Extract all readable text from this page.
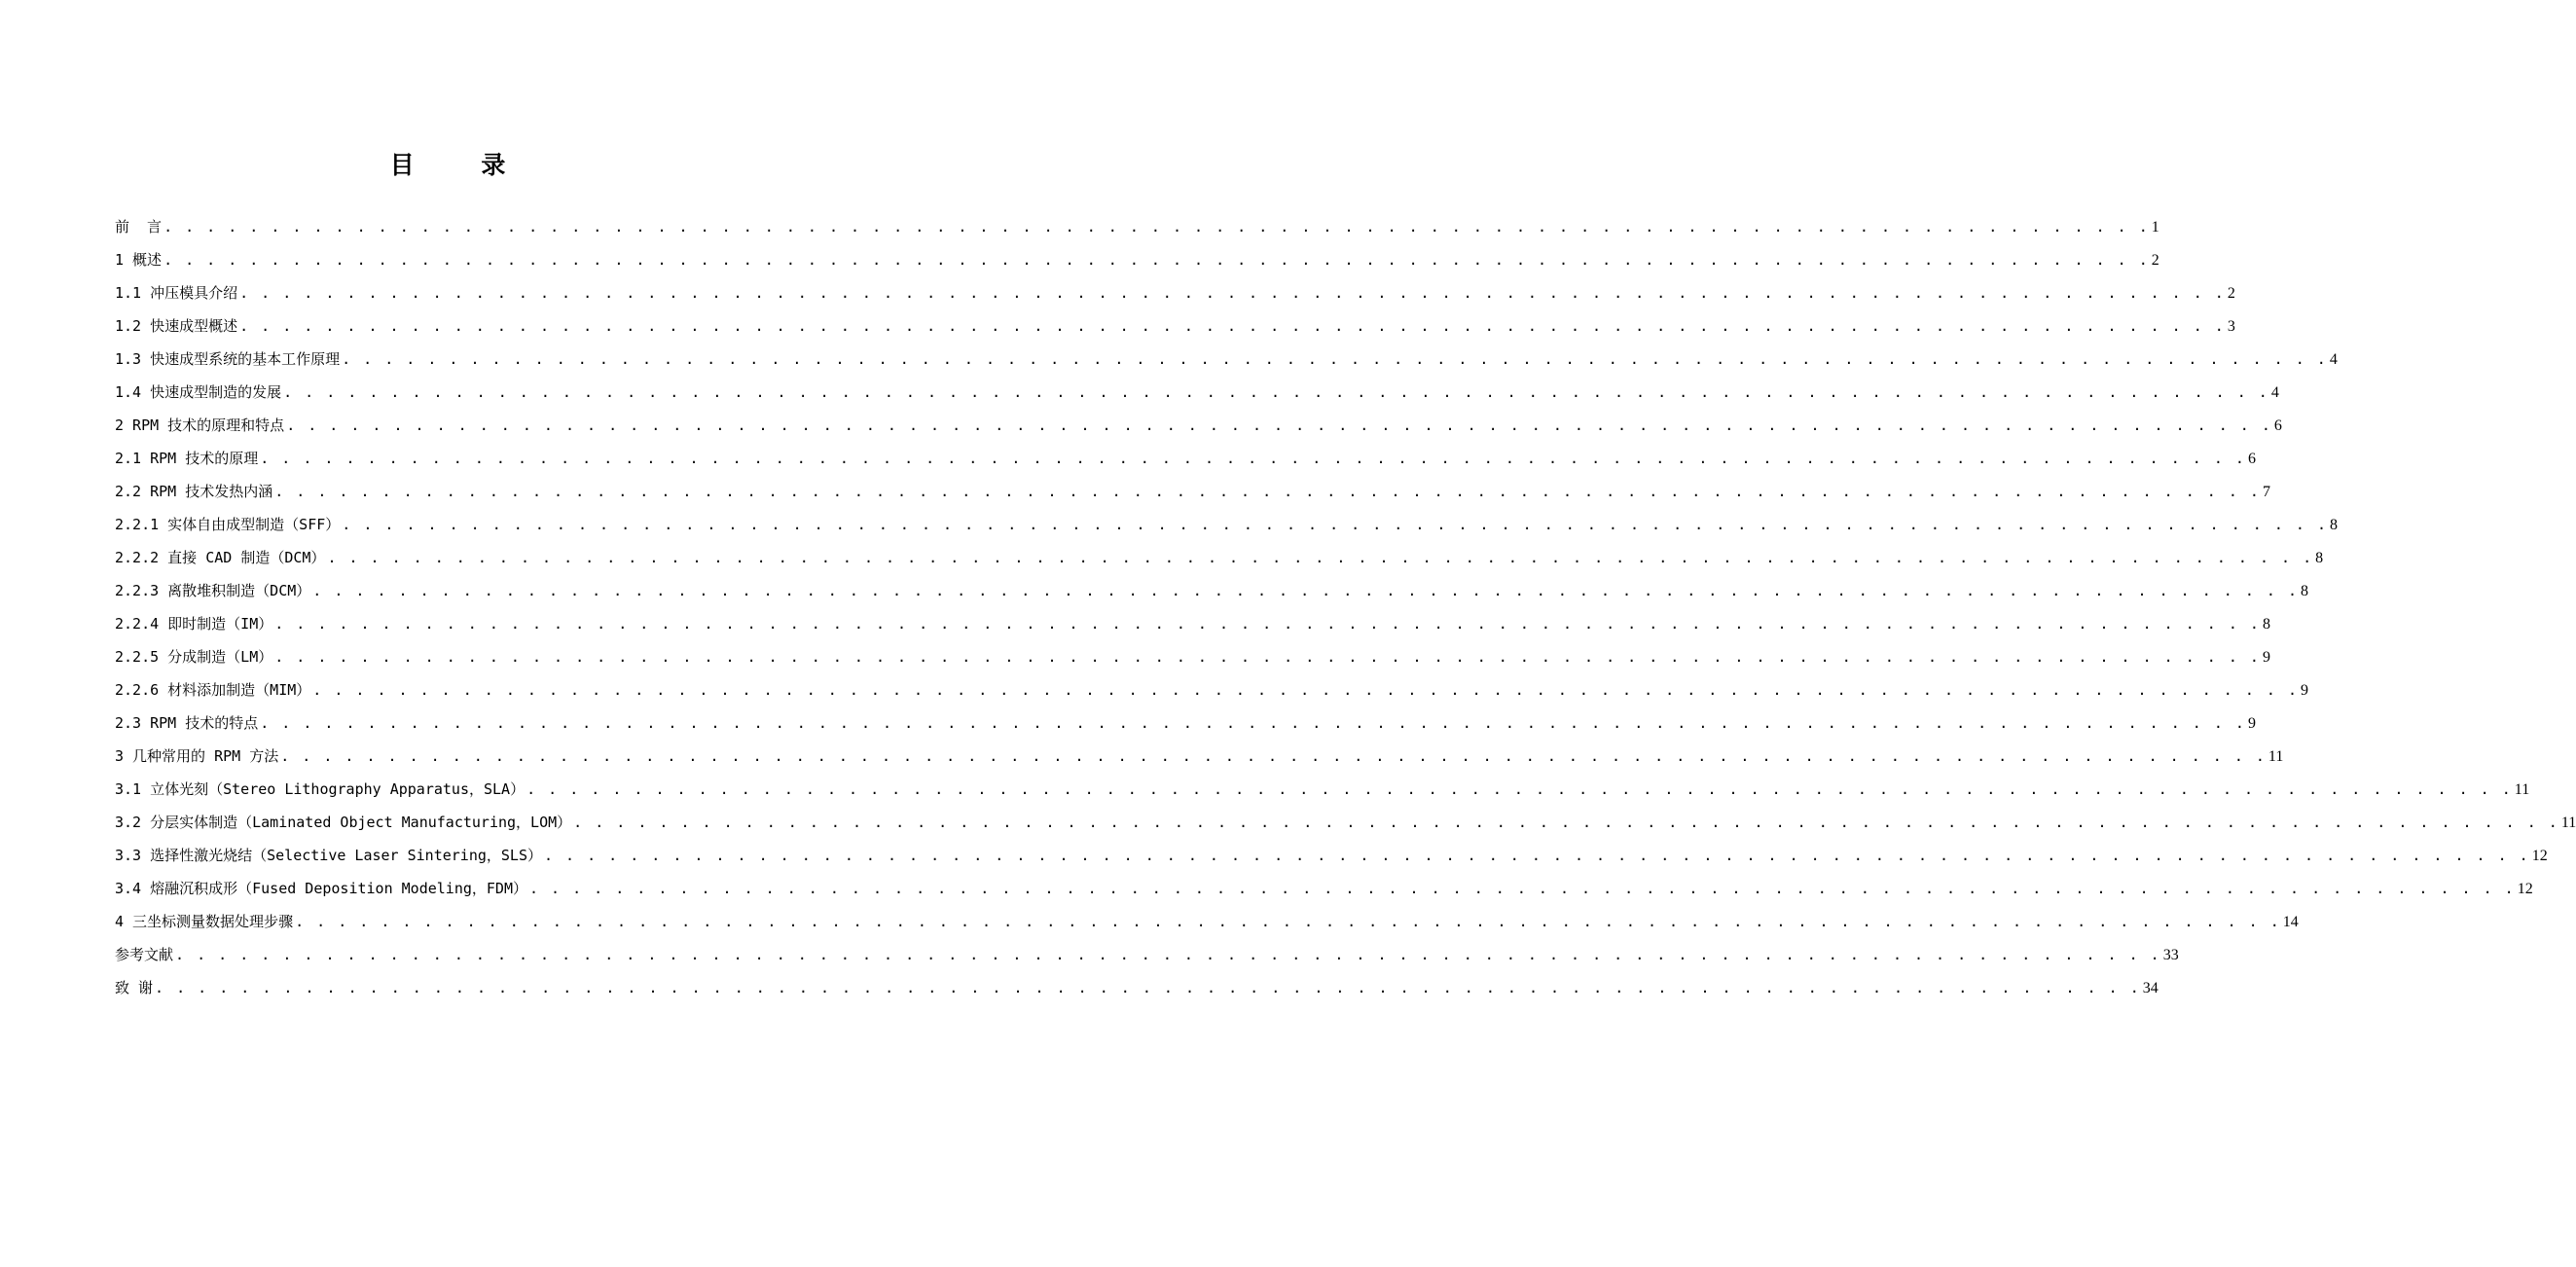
目 录
前  言 . . . . . . . . . . . . . . . . . . . . . . . . . . . . . . . . . . . . . . . . . . . . . . . . . . . . . . . . . . . . . . . . . . . . . . . . . . . . . . . . . . . . . . . . . . . . . 1
1 概述 . . . . . . . . . . . . . . . . . . . . . . . . . . . . . . . . . . . . . . . . . . . . . . . . . . . . . . . . . . . . . . . . . . . . . . . . . . . . . . . . . . . . . . . . . . . . . 2
1.1 冲压模具介绍 . . . . . . . . . . . . . . . . . . . . . . . . . . . . . . . . . . . . . . . . . . . . . . . . . . . . . . . . . . . . . . . . . . . . . . . . . . . . . . . . . . . . . . . . . . . . . 2
1.2 快速成型概述 . . . . . . . . . . . . . . . . . . . . . . . . . . . . . . . . . . . . . . . . . . . . . . . . . . . . . . . . . . . . . . . . . . . . . . . . . . . . . . . . . . . . . . . . . . . . . 3
1.3 快速成型系统的基本工作原理 . . . . . . . . . . . . . . . . . . . . . . . . . . . . . . . . . . . . . . . . . . . . . . . . . . . . . . . . . . . . . . . . . . . . . . . . . . . . . . . . . . . . . . . . . . . . . 4
1.4 快速成型制造的发展 . . . . . . . . . . . . . . . . . . . . . . . . . . . . . . . . . . . . . . . . . . . . . . . . . . . . . . . . . . . . . . . . . . . . . . . . . . . . . . . . . . . . . . . . . . . . . 4
2 RPM 技术的原理和特点 . . . . . . . . . . . . . . . . . . . . . . . . . . . . . . . . . . . . . . . . . . . . . . . . . . . . . . . . . . . . . . . . . . . . . . . . . . . . . . . . . . . . . . . . . . . . . 6
2.1 RPM 技术的原理 . . . . . . . . . . . . . . . . . . . . . . . . . . . . . . . . . . . . . . . . . . . . . . . . . . . . . . . . . . . . . . . . . . . . . . . . . . . . . . . . . . . . . . . . . . . . . 6
2.2 RPM 技术发热内涵 . . . . . . . . . . . . . . . . . . . . . . . . . . . . . . . . . . . . . . . . . . . . . . . . . . . . . . . . . . . . . . . . . . . . . . . . . . . . . . . . . . . . . . . . . . . . . 7
2.2.1 实体自由成型制造（SFF） . . . . . . . . . . . . . . . . . . . . . . . . . . . . . . . . . . . . . . . . . . . . . . . . . . . . . . . . . . . . . . . . . . . . . . . . . . . . . . . . . . . . . . . . . . . . . 8
2.2.2 直接 CAD 制造（DCM） . . . . . . . . . . . . . . . . . . . . . . . . . . . . . . . . . . . . . . . . . . . . . . . . . . . . . . . . . . . . . . . . . . . . . . . . . . . . . . . . . . . . . . . . . . . . . 8
2.2.3 离散堆积制造（DCM） . . . . . . . . . . . . . . . . . . . . . . . . . . . . . . . . . . . . . . . . . . . . . . . . . . . . . . . . . . . . . . . . . . . . . . . . . . . . . . . . . . . . . . . . . . . . . 8
2.2.4 即时制造（IM） . . . . . . . . . . . . . . . . . . . . . . . . . . . . . . . . . . . . . . . . . . . . . . . . . . . . . . . . . . . . . . . . . . . . . . . . . . . . . . . . . . . . . . . . . . . . . 8
2.2.5 分成制造（LM） . . . . . . . . . . . . . . . . . . . . . . . . . . . . . . . . . . . . . . . . . . . . . . . . . . . . . . . . . . . . . . . . . . . . . . . . . . . . . . . . . . . . . . . . . . . . . 9
2.2.6 材料添加制造（MIM） . . . . . . . . . . . . . . . . . . . . . . . . . . . . . . . . . . . . . . . . . . . . . . . . . . . . . . . . . . . . . . . . . . . . . . . . . . . . . . . . . . . . . . . . . . . . . 9
2.3 RPM 技术的特点 . . . . . . . . . . . . . . . . . . . . . . . . . . . . . . . . . . . . . . . . . . . . . . . . . . . . . . . . . . . . . . . . . . . . . . . . . . . . . . . . . . . . . . . . . . . . . 9
3 几种常用的 RPM 方法 . . . . . . . . . . . . . . . . . . . . . . . . . . . . . . . . . . . . . . . . . . . . . . . . . . . . . . . . . . . . . . . . . . . . . . . . . . . . . . . . . . . . . . . . . . . . . 11
3.1 立体光刻（Stereo Lithography Apparatus，SLA） . . . . . . . . . . . . . . . . . . . . . . . . . . . . . . . . . . . . . . . . . . . . . . . . . . . . . . . . . . . . . . . . . . . . . . . . . . . . . . . . . . . . . . . . . . . . . 11
3.2 分层实体制造（Laminated Object Manufacturing，LOM） . . . . . . . . . . . . . . . . . . . . . . . . . . . . . . . . . . . . . . . . . . . . . . . . . . . . . . . . . . . . . . . . . . . . . . . . . . . . . . . . . . . . . . . . . . . . . 11
3.3 选择性激光烧结（Selective Laser Sintering，SLS） . . . . . . . . . . . . . . . . . . . . . . . . . . . . . . . . . . . . . . . . . . . . . . . . . . . . . . . . . . . . . . . . . . . . . . . . . . . . . . . . . . . . . . . . . . . . . 12
3.4 熔融沉积成形（Fused Deposition Modeling，FDM） . . . . . . . . . . . . . . . . . . . . . . . . . . . . . . . . . . . . . . . . . . . . . . . . . . . . . . . . . . . . . . . . . . . . . . . . . . . . . . . . . . . . . . . . . . . . . 12
4 三坐标测量数据处理步骤 . . . . . . . . . . . . . . . . . . . . . . . . . . . . . . . . . . . . . . . . . . . . . . . . . . . . . . . . . . . . . . . . . . . . . . . . . . . . . . . . . . . . . . . . . . . . . 14
参考文献 . . . . . . . . . . . . . . . . . . . . . . . . . . . . . . . . . . . . . . . . . . . . . . . . . . . . . . . . . . . . . . . . . . . . . . . . . . . . . . . . . . . . . . . . . . . . . 33
致 谢 . . . . . . . . . . . . . . . . . . . . . . . . . . . . . . . . . . . . . . . . . . . . . . . . . . . . . . . . . . . . . . . . . . . . . . . . . . . . . . . . . . . . . . . . . . . . . 34
